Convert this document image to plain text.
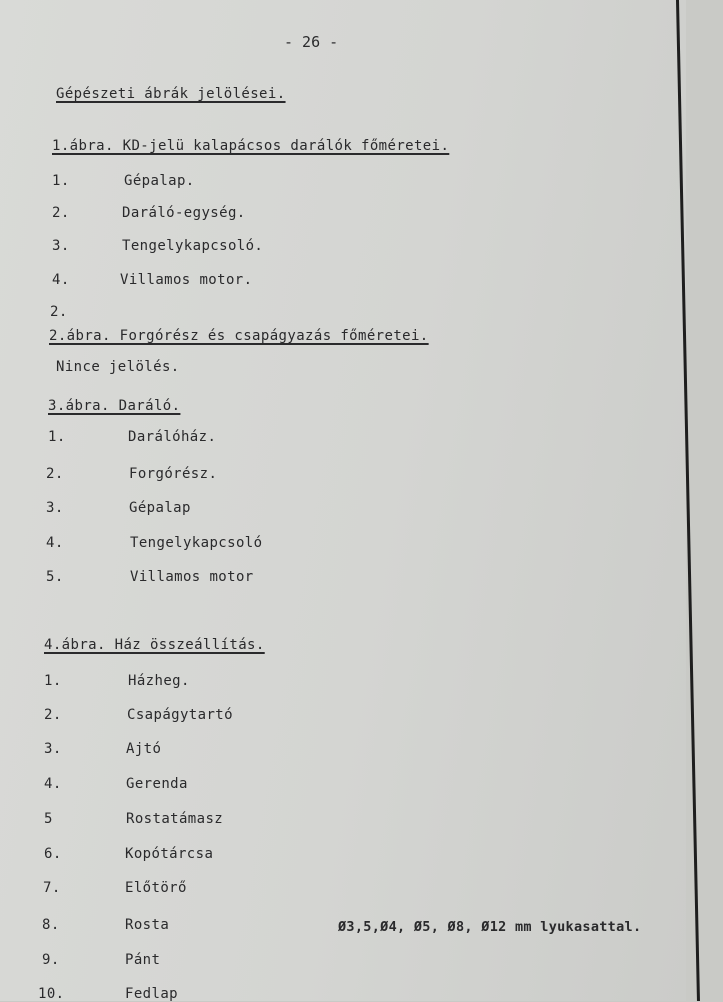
- 26 -
Gépészeti ábrák jelölései.
1.ábra. KD-jelü kalapácsos darálók főméretei.
1.	Gépalap.
2.	Daráló-egység.
3.	Tengelykapcsoló.
4.	Villamos motor.
2.
2.ábra. Forgórész és csapágyazás főméretei.
Nince jelölés.
3.ábra. Daráló.
1.	Darálóház.
2.	Forgórész.
3.	Gépalap
4.	Tengelykapcsoló
5.	Villamos motor
4.ábra. Ház összeállítás.
1.	Házheg.
2.	Csapágytartó
3.	Ajtó
4.	Gerenda
5	Rostatámasz
6.	Kopótárcsa
7.	Előtörő
8.	Rosta	Ø3,5,Ø4, Ø5, Ø8, Ø12 mm lyukasattal.
9.	Pánt
10.	Fedlap
